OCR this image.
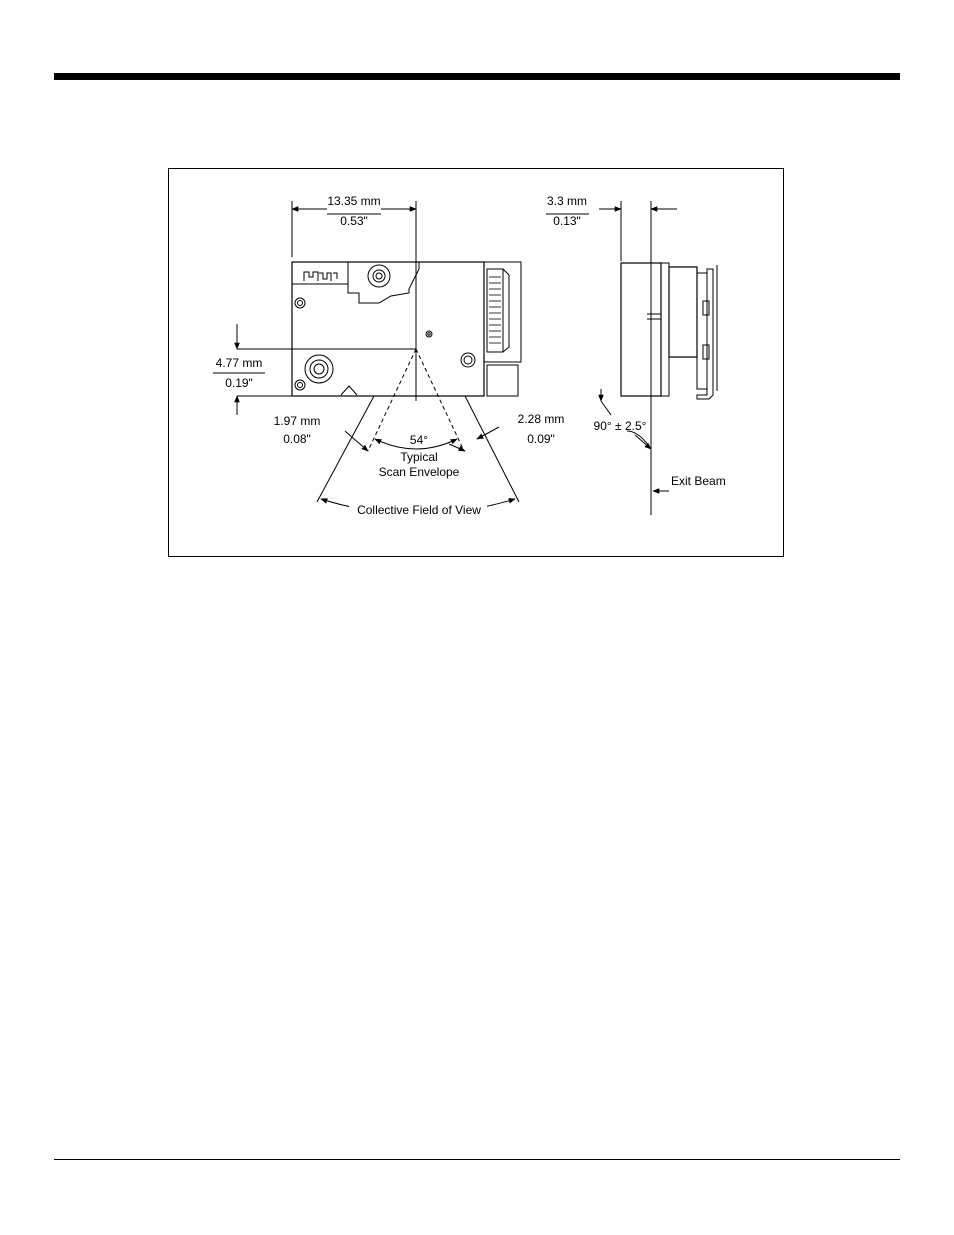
13.35 mm
0.53"
4.77 mm
0.19"
1.97 mm
0.08"
2.28 mm
0.09"
54°
Typical
Scan Envelope
Collective Field of View
3.3 mm
0.13"
90° ± 2.5°
Exit Beam
